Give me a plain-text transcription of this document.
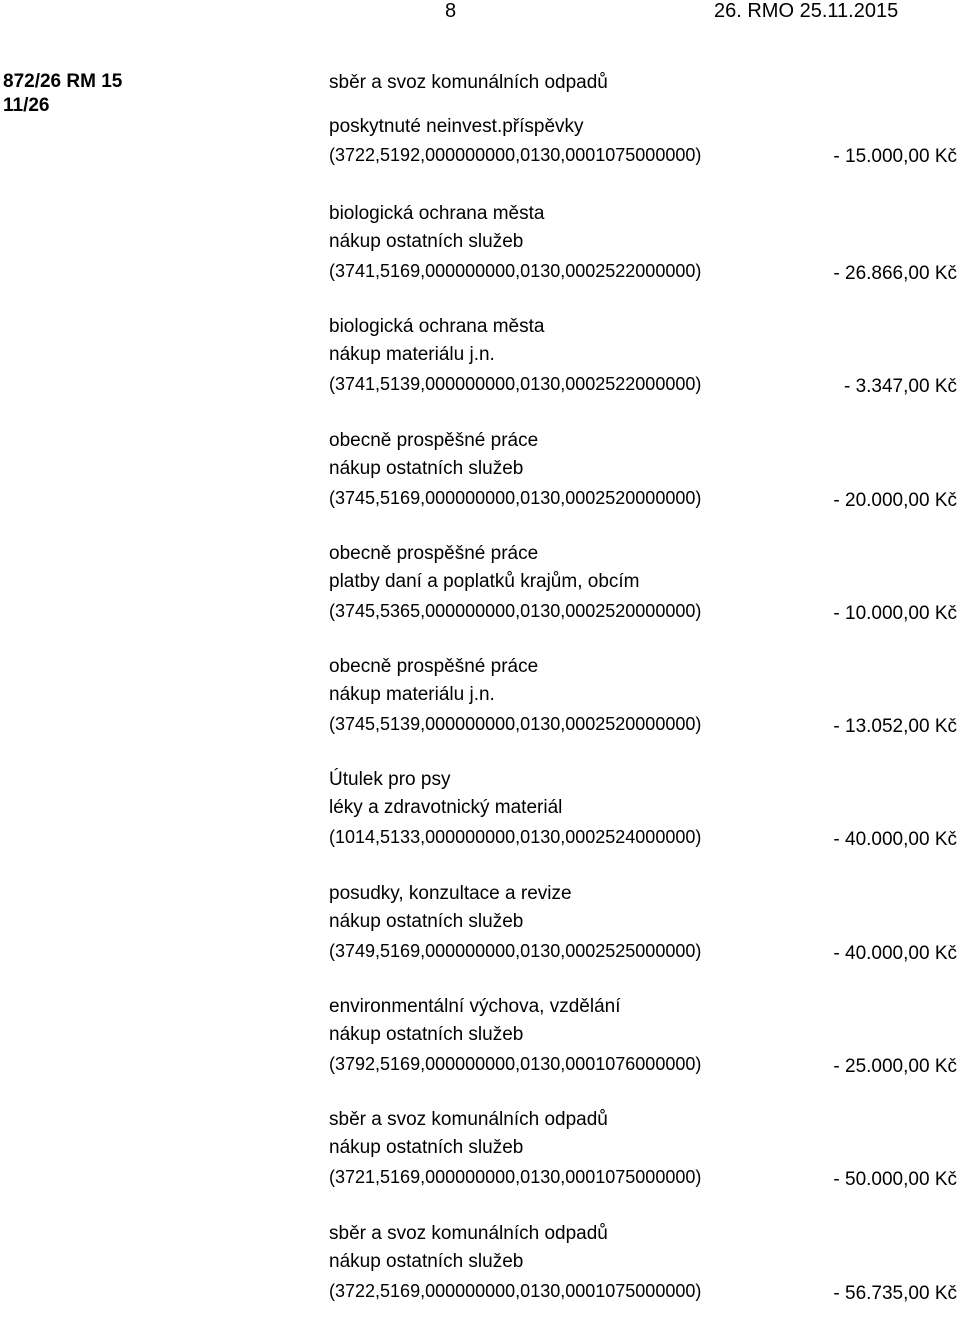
8	26. RMO 25.11.2015
872/26 RM 15
11/26
sběr a svoz komunálních odpadů
poskytnuté neinvest.příspěvky
(3722,5192,000000000,0130,0001075000000)	- 15.000,00 Kč
biologická ochrana města
nákup ostatních služeb
(3741,5169,000000000,0130,0002522000000)	- 26.866,00 Kč
biologická ochrana města
nákup materiálu j.n.
(3741,5139,000000000,0130,0002522000000)	- 3.347,00 Kč
obecně prospěšné práce
nákup ostatních služeb
(3745,5169,000000000,0130,0002520000000)	- 20.000,00 Kč
obecně prospěšné práce
platby daní a poplatků krajům, obcím
(3745,5365,000000000,0130,0002520000000)	- 10.000,00 Kč
obecně prospěšné práce
nákup materiálu j.n.
(3745,5139,000000000,0130,0002520000000)	- 13.052,00 Kč
Útulek pro psy
léky a zdravotnický materiál
(1014,5133,000000000,0130,0002524000000)	- 40.000,00 Kč
posudky, konzultace a revize
nákup ostatních služeb
(3749,5169,000000000,0130,0002525000000)	- 40.000,00 Kč
environmentální výchova, vzdělání
nákup ostatních služeb
(3792,5169,000000000,0130,0001076000000)	- 25.000,00 Kč
sběr a svoz komunálních odpadů
nákup ostatních služeb
(3721,5169,000000000,0130,0001075000000)	- 50.000,00 Kč
sběr a svoz komunálních odpadů
nákup ostatních služeb
(3722,5169,000000000,0130,0001075000000)	- 56.735,00 Kč
